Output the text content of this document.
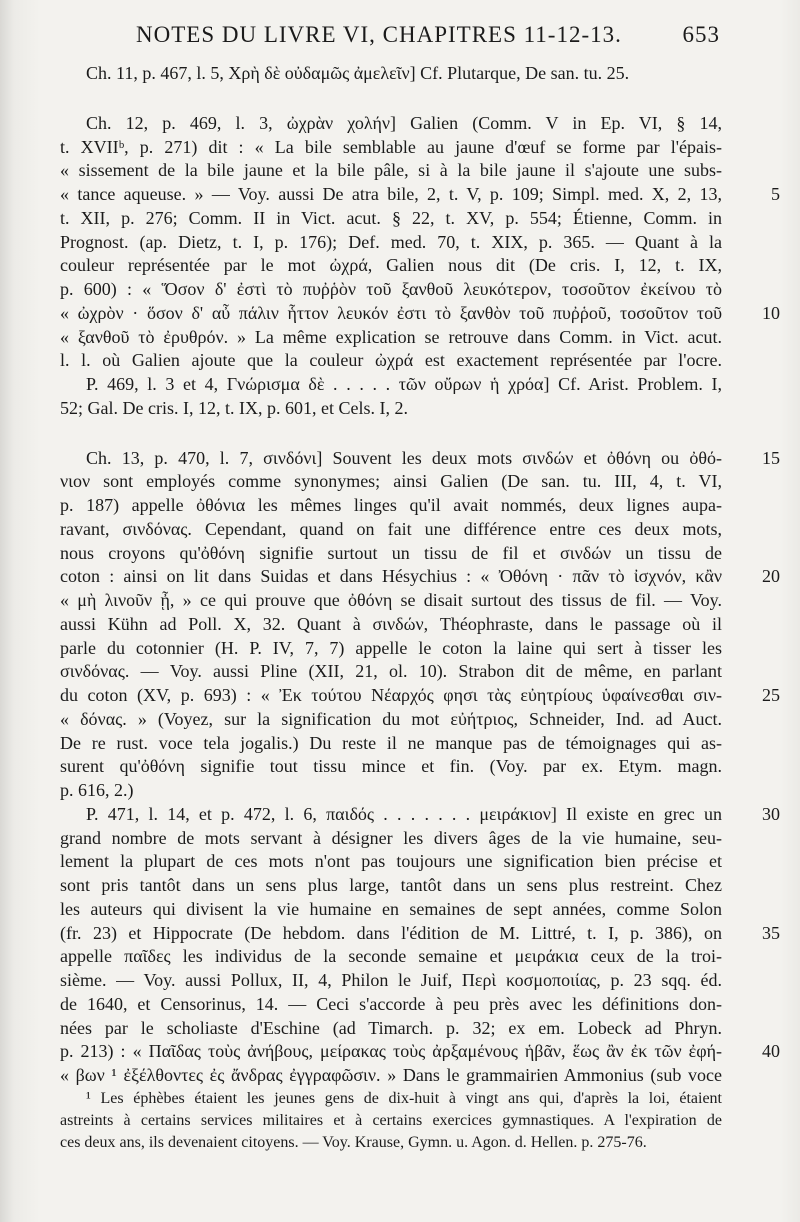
NOTES DU LIVRE VI, CHAPITRES 11-12-13.	653
Ch. 11, p. 467, l. 5, Χρὴ δὲ οὐδαμῶς ἀμελεῖν] Cf. Plutarque, De san. tu. 25.
Ch. 12, p. 469, l. 3, ὠχρὰν χολήν] Galien (Comm. V in Ep. VI, § 14,
t. XVIIᵇ, p. 271) dit : « La bile semblable au jaune d'œuf se forme par l'épais-
« sissement de la bile jaune et la bile pâle, si à la bile jaune il s'ajoute une subs-
« tance aqueuse. » — Voy. aussi De atra bile, 2, t. V, p. 109; Simpl. med. X, 2, 13,	5
t. XII, p. 276; Comm. II in Vict. acut. § 22, t. XV, p. 554; Étienne, Comm. in
Prognost. (ap. Dietz, t. I, p. 176); Def. med. 70, t. XIX, p. 365. — Quant à la
couleur représentée par le mot ὠχρά, Galien nous dit (De cris. I, 12, t. IX,
p. 600) : « Ὅσον δ' ἐστὶ τὸ πυῤῥὸν τοῦ ξανθοῦ λευκότερον, τοσοῦτον ἐκείνου τὸ
« ὠχρὸν · ὅσον δ' αὖ πάλιν ἧττον λευκόν ἐστι τὸ ξανθὸν τοῦ πυῤῥοῦ, τοσοῦτον τοῦ 10
« ξανθοῦ τὸ ἐρυθρόν. » La même explication se retrouve dans Comm. in Vict. acut.
l. l. où Galien ajoute que la couleur ὠχρά est exactement représentée par l'ocre.
P. 469, l. 3 et 4, Γνώρισμα δὲ . . . . . τῶν οὔρων ἡ χρόα] Cf. Arist. Problem. I,
52; Gal. De cris. I, 12, t. IX, p. 601, et Cels. I, 2.
Ch. 13, p. 470, l. 7, σινδόνι] Souvent les deux mots σινδών et ὀθόνη ou ὀθό- 15
νιον sont employés comme synonymes; ainsi Galien (De san. tu. III, 4, t. VI,
p. 187) appelle ὀθόνια les mêmes linges qu'il avait nommés, deux lignes aupa-
ravant, σινδόνας. Cependant, quand on fait une différence entre ces deux mots,
nous croyons qu'ὀθόνη signifie surtout un tissu de fil et σινδών un tissu de
coton : ainsi on lit dans Suidas et dans Hésychius : « Ὀθόνη · πᾶν τὸ ἰσχνόν, κἂν 20
« μὴ λινοῦν ᾖ, » ce qui prouve que ὀθόνη se disait surtout des tissus de fil. — Voy.
aussi Kühn ad Poll. X, 32. Quant à σινδών, Théophraste, dans le passage où il
parle du cotonnier (H. P. IV, 7, 7) appelle le coton la laine qui sert à tisser les
σινδόνας. — Voy. aussi Pline (XII, 21, ol. 10). Strabon dit de même, en parlant
du coton (XV, p. 693) : « Ἐκ τούτου Νέαρχός φησι τὰς εὐητρίους ὑφαίνεσθαι σιν- 25
« δόνας. » (Voyez, sur la signification du mot εὐήτριος, Schneider, Ind. ad Auct.
De re rust. voce tela jogalis.) Du reste il ne manque pas de témoignages qui as-
surent qu'ὀθόνη signifie tout tissu mince et fin. (Voy. par ex. Etym. magn.
p. 616, 2.)
P. 471, l. 14, et p. 472, l. 6, παιδός . . . . . . . μειράκιον] Il existe en grec un 30
grand nombre de mots servant à désigner les divers âges de la vie humaine, seu-
lement la plupart de ces mots n'ont pas toujours une signification bien précise et
sont pris tantôt dans un sens plus large, tantôt dans un sens plus restreint. Chez
les auteurs qui divisent la vie humaine en semaines de sept années, comme Solon
(fr. 23) et Hippocrate (De hebdom. dans l'édition de M. Littré, t. I, p. 386), on 35
appelle παῖδες les individus de la seconde semaine et μειράκια ceux de la troi-
sième. — Voy. aussi Pollux, II, 4, Philon le Juif, Περὶ κοσμοποιίας, p. 23 sqq. éd.
de 1640, et Censorinus, 14. — Ceci s'accorde à peu près avec les définitions don-
nées par le scholiaste d'Eschine (ad Timarch. p. 32; ex em. Lobeck ad Phryn.
p. 213) : « Παῖδας τοὺς ἀνήβους, μείρακας τοὺς ἀρξαμένους ἡβᾶν, ἕως ἂν ἐκ τῶν ἐφή- 40
« βων ¹ ἐξέλθοντες ἐς ἄνδρας ἐγγραφῶσιν. » Dans le grammairien Ammonius (sub voce
¹ Les éphèbes étaient les jeunes gens de dix-huit à vingt ans qui, d'après la loi, étaient
astreints à certains services militaires et à certains exercices gymnastiques. A l'expiration de
ces deux ans, ils devenaient citoyens. — Voy. Krause, Gymn. u. Agon. d. Hellen. p. 275-76.
